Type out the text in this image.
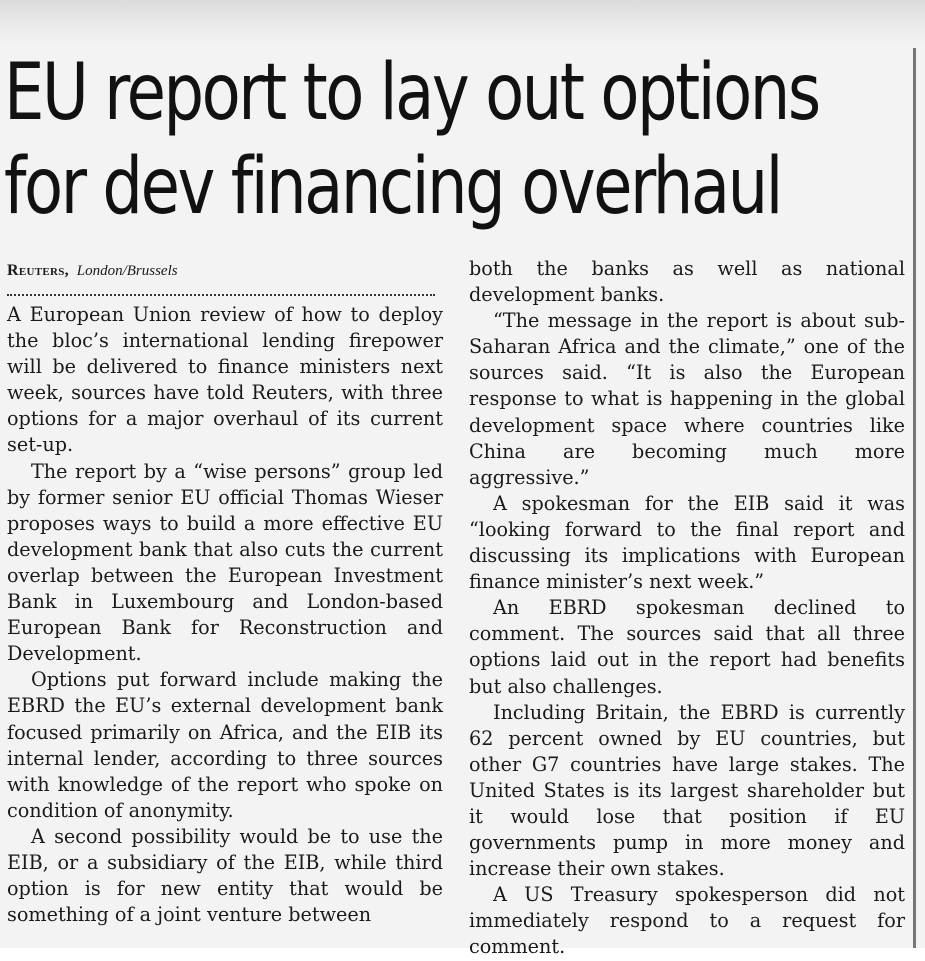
EU report to lay out options
for dev financing overhaul
Reuters, London/Brussels

A European Union review of how to deploy the bloc’s international lending firepower will be delivered to finance ministers next week, sources have told Reuters, with three options for a major overhaul of its current set-up.

The report by a “wise persons” group led by former senior EU official Thomas Wieser proposes ways to build a more effective EU development bank that also cuts the current overlap between the European Investment Bank in Luxembourg and London-based European Bank for Reconstruction and Development.

Options put forward include making the EBRD the EU’s external development bank focused primarily on Africa, and the EIB its internal lender, according to three sources with knowledge of the report who spoke on condition of anonymity.

A second possibility would be to use the EIB, or a subsidiary of the EIB, while third option is for new entity that would be something of a joint venture between

both the banks as well as national development banks.

“The message in the report is about sub-Saharan Africa and the climate,” one of the sources said. “It is also the European response to what is happening in the global development space where countries like China are becoming much more aggressive.”

A spokesman for the EIB said it was “looking forward to the final report and discussing its implications with European finance minister’s next week.”

An EBRD spokesman declined to comment. The sources said that all three options laid out in the report had benefits but also challenges.

Including Britain, the EBRD is currently 62 percent owned by EU countries, but other G7 countries have large stakes. The United States is its largest shareholder but it would lose that position if EU governments pump in more money and increase their own stakes.

A US Treasury spokesperson did not immediately respond to a request for comment.
